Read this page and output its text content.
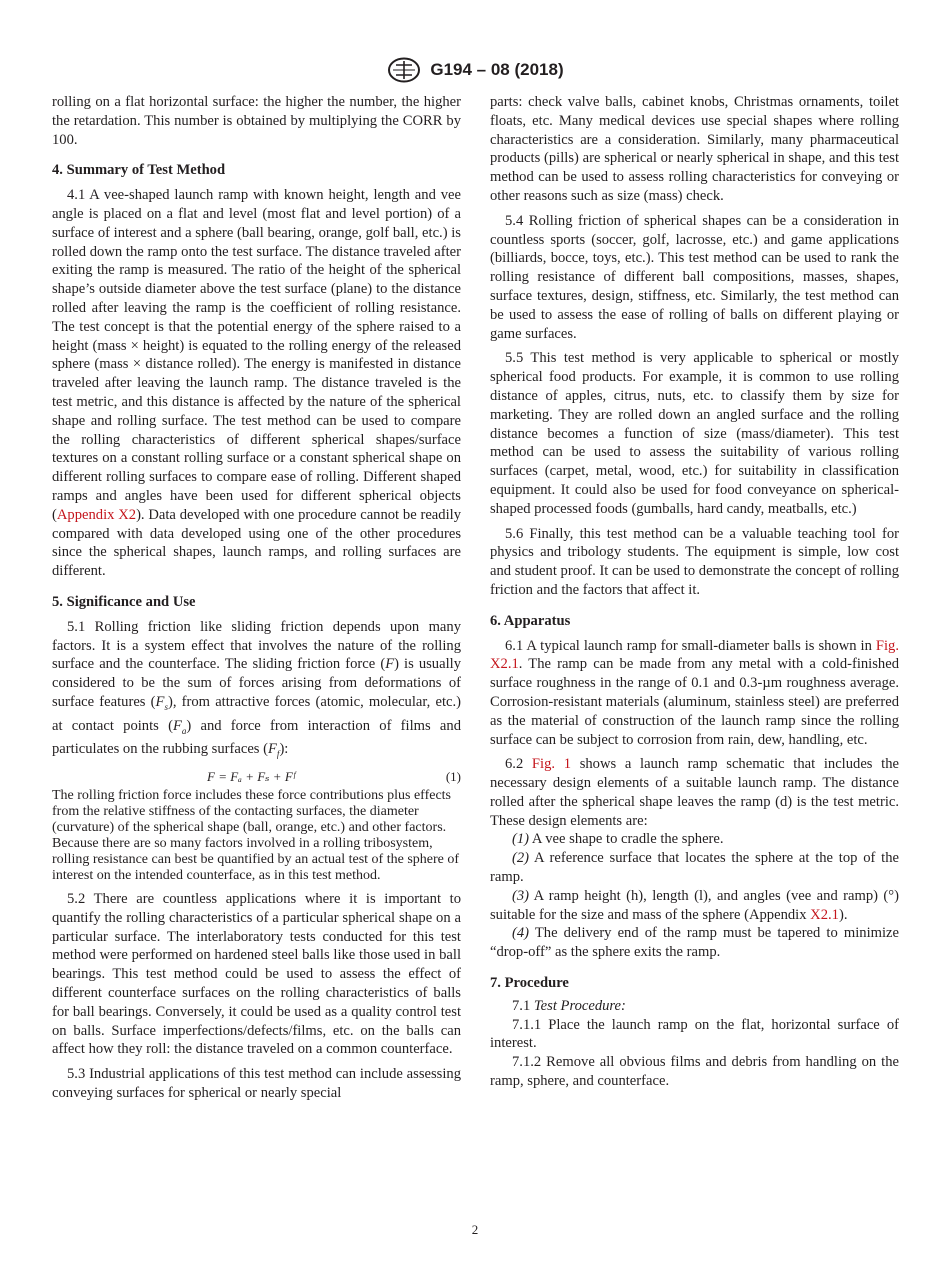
G194 – 08 (2018)

rolling on a flat horizontal surface: the higher the number, the higher the retardation. This number is obtained by multiplying the CORR by 100.

4. Summary of Test Method

4.1 A vee-shaped launch ramp with known height, length and vee angle is placed on a flat and level (most flat and level portion) of a surface of interest and a sphere (ball bearing, orange, golf ball, etc.) is rolled down the ramp onto the test surface. The distance traveled after exiting the ramp is measured. The ratio of the height of the spherical shape’s outside diameter above the test surface (plane) to the distance rolled after leaving the ramp is the coefficient of rolling resistance. The test concept is that the potential energy of the sphere raised to a height (mass × height) is equated to the rolling energy of the released sphere (mass × distance rolled). The energy is manifested in distance traveled after leaving the launch ramp. The distance traveled is the test metric, and this distance is affected by the nature of the spherical shape and rolling surface. The test method can be used to compare the rolling characteristics of different spherical shapes/surface textures on a constant rolling surface or a constant spherical shape on different rolling surfaces to compare ease of rolling. Different shaped ramps and angles have been used for different spherical objects (Appendix X2). Data developed with one procedure cannot be readily compared with data developed using one of the other procedures since the spherical shapes, launch ramps, and rolling surfaces are different.

5. Significance and Use

5.1 Rolling friction like sliding friction depends upon many factors. It is a system effect that involves the nature of the rolling surface and the counterface. The sliding friction force (F) is usually considered to be the sum of forces arising from deformations of surface features $(F_s)$, from attractive forces (atomic, molecular, etc.) at contact points $(F_a)$ and force from interaction of films and particulates on the rubbing surfaces $(F_f)$:

F = Fₐ + Fₛ + Fᶠ	(1)

The rolling friction force includes these force contributions plus effects from the relative stiffness of the contacting surfaces, the diameter (curvature) of the spherical shape (ball, orange, etc.) and other factors. Because there are so many factors involved in a rolling tribosystem, rolling resistance can best be quantified by an actual test of the sphere of interest on the intended counterface, as in this test method.

5.2 There are countless applications where it is important to quantify the rolling characteristics of a particular spherical shape on a particular surface. The interlaboratory tests conducted for this test method were performed on hardened steel balls like those used in ball bearings. This test method could be used to assess the effect of different counterface surfaces on the rolling characteristics of balls for ball bearings. Conversely, it could be used as a quality control test on balls. Surface imperfections/defects/films, etc. on the balls can affect how they roll: the distance traveled on a common counterface.

5.3 Industrial applications of this test method can include assessing conveying surfaces for spherical or nearly special

parts: check valve balls, cabinet knobs, Christmas ornaments, toilet floats, etc. Many medical devices use special shapes where rolling characteristics are a consideration. Similarly, many pharmaceutical products (pills) are spherical or nearly spherical in shape, and this test method can be used to assess rolling characteristics for conveying or other reasons such as size (mass) check.

5.4 Rolling friction of spherical shapes can be a consideration in countless sports (soccer, golf, lacrosse, etc.) and game applications (billiards, bocce, toys, etc.). This test method can be used to rank the rolling resistance of different ball compositions, masses, shapes, surface textures, design, stiffness, etc. Similarly, the test method can be used to assess the ease of rolling of balls on different playing or game surfaces.

5.5 This test method is very applicable to spherical or mostly spherical food products. For example, it is common to use rolling distance of apples, citrus, nuts, etc. to classify them by size for marketing. They are rolled down an angled surface and the rolling distance becomes a function of size (mass/diameter). This test method can be used to assess the suitability of various rolling surfaces (carpet, metal, wood, etc.) for suitability in classification equipment. It could also be used for food conveyance on spherical-shaped processed foods (gumballs, hard candy, meatballs, etc.)

5.6 Finally, this test method can be a valuable teaching tool for physics and tribology students. The equipment is simple, low cost and student proof. It can be used to demonstrate the concept of rolling friction and the factors that affect it.

6. Apparatus

6.1 A typical launch ramp for small-diameter balls is shown in Fig. X2.1. The ramp can be made from any metal with a cold-finished surface roughness in the range of 0.1 and 0.3-µm roughness average. Corrosion-resistant materials (aluminum, stainless steel) are preferred as the material of construction of the launch ramp since the rolling surface can be subject to corrosion from rain, dew, handling, etc.

6.2 Fig. 1 shows a launch ramp schematic that includes the necessary design elements of a suitable launch ramp. The distance rolled after the spherical shape leaves the ramp (d) is the test metric. These design elements are:

(1) A vee shape to cradle the sphere.

(2) A reference surface that locates the sphere at the top of the ramp.

(3) A ramp height (h), length (l), and angles (vee and ramp) (°) suitable for the size and mass of the sphere (Appendix X2.1).

(4) The delivery end of the ramp must be tapered to minimize “drop-off” as the sphere exits the ramp.

7. Procedure

7.1 Test Procedure:

7.1.1 Place the launch ramp on the flat, horizontal surface of interest.

7.1.2 Remove all obvious films and debris from handling on the ramp, sphere, and counterface.

2
